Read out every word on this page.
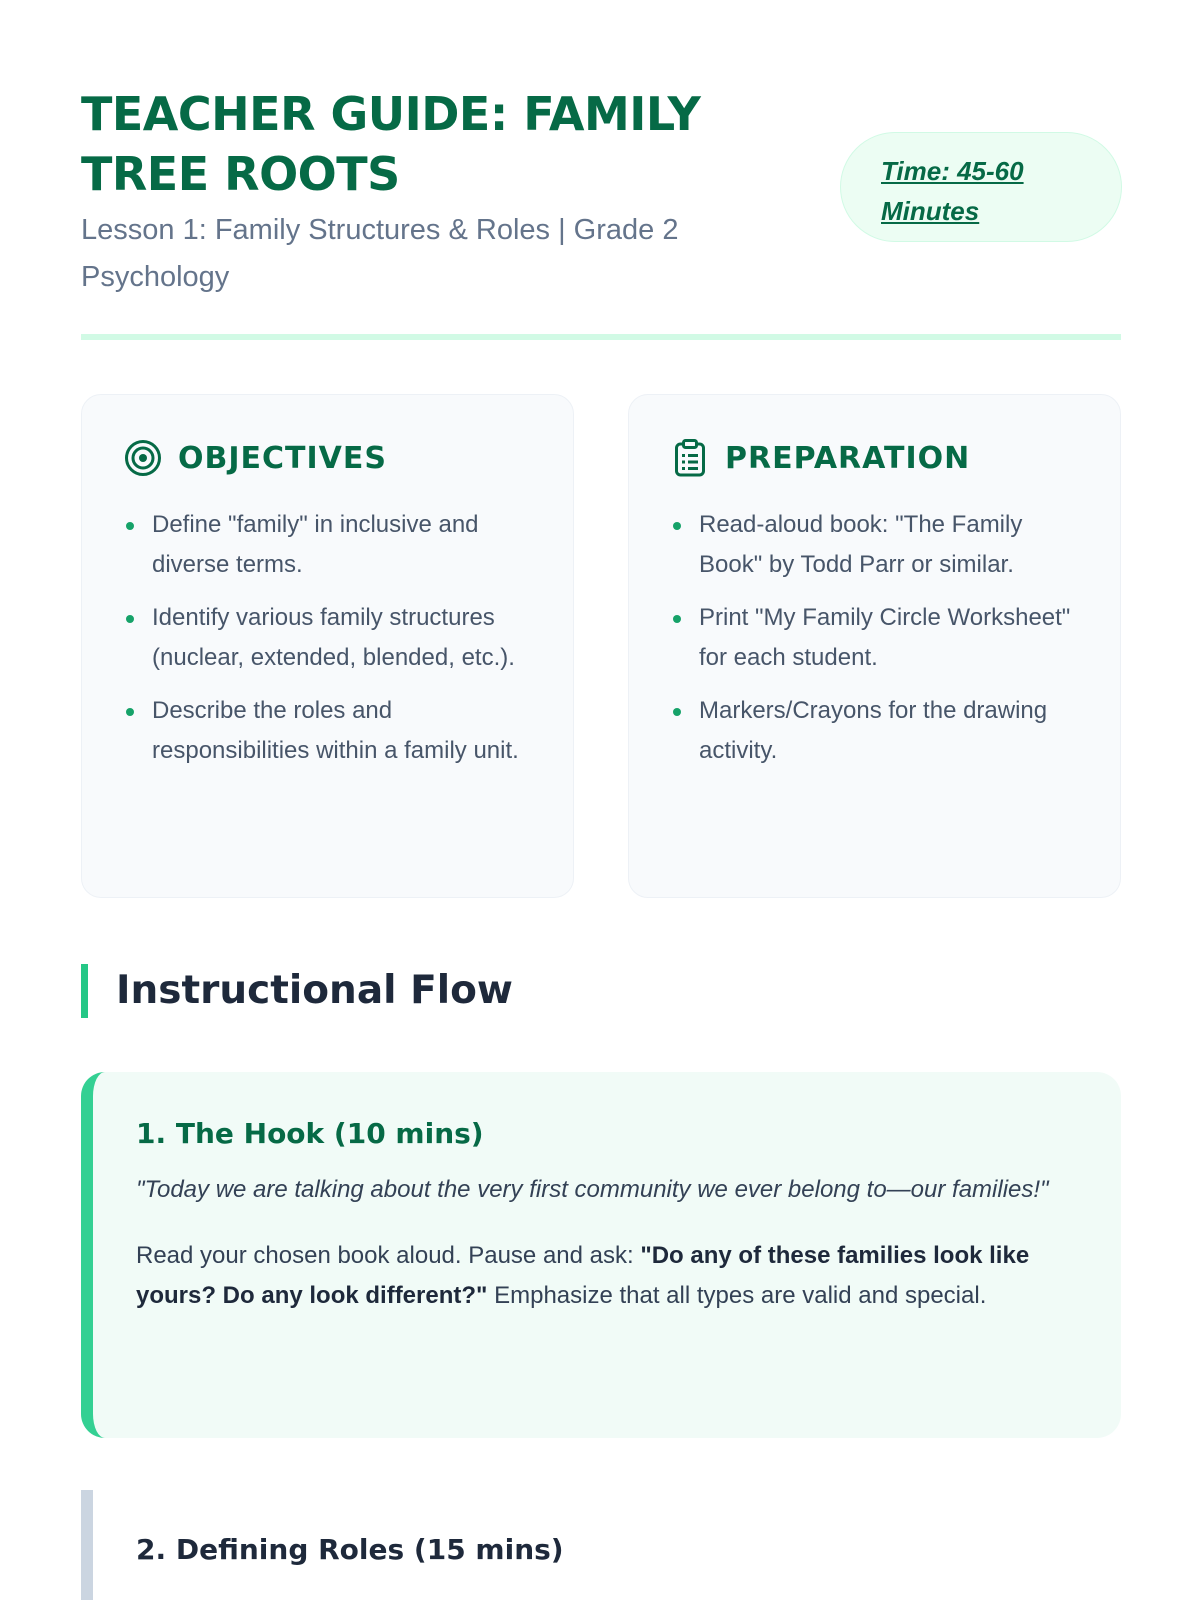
TEACHER GUIDE: FAMILY TREE ROOTS

Lesson 1: Family Structures & Roles | Grade 2 Psychology

Time: 45-60
Minutes
OBJECTIVES
Define "family" in inclusive and diverse terms.
Identify various family structures (nuclear, extended, blended, etc.).
Describe the roles and responsibilities within a family unit.
PREPARATION
Read-aloud book: "The Family Book" by Todd Parr or similar.
Print "My Family Circle Worksheet" for each student.
Markers/Crayons for the drawing activity.
Instructional Flow
1. The Hook (10 mins)

"Today we are talking about the very first community we ever belong to—our families!"

Read your chosen book aloud. Pause and ask: "Do any of these families look like yours? Do any look different?" Emphasize that all types are valid and special.

2. Defining Roles (15 mins)
